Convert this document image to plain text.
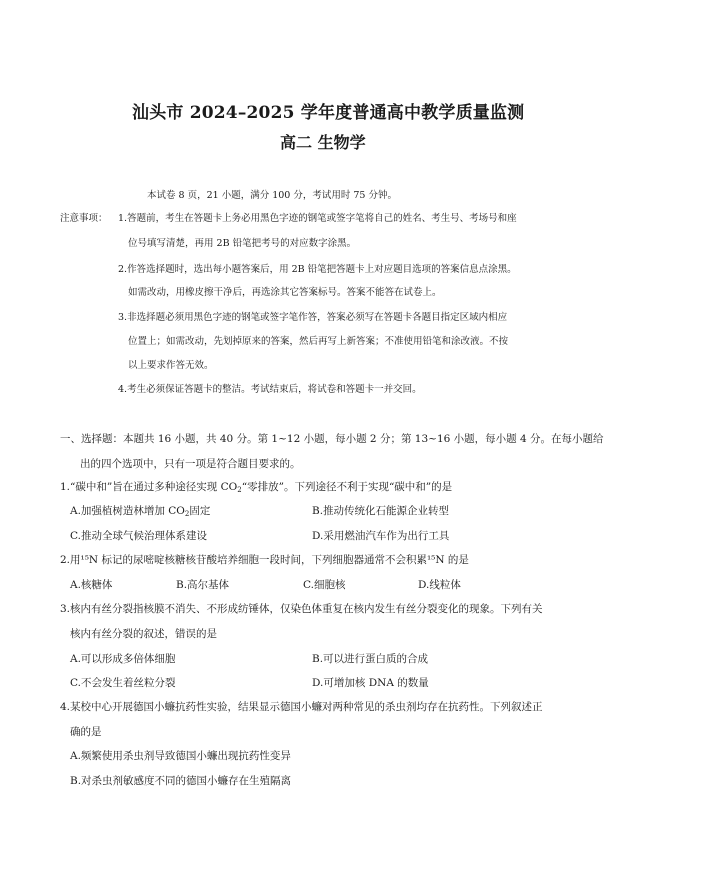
汕头市 2024–2025 学年度普通高中教学质量监测
高二 生物学
本试卷 8 页，21 小题，满分 100 分，考试用时 75 分钟。
注意事项： 1.答题前，考生在答题卡上务必用黑色字迹的钢笔或签字笔将自己的姓名、考生号、考场号和座
位号填写清楚，再用 2B 铅笔把考号的对应数字涂黑。
2.作答选择题时，选出每小题答案后，用 2B 铅笔把答题卡上对应题目选项的答案信息点涂黑。
如需改动，用橡皮擦干净后，再选涂其它答案标号。答案不能答在试卷上。
3.非选择题必须用黑色字迹的钢笔或签字笔作答，答案必须写在答题卡各题目指定区域内相应
位置上；如需改动，先划掉原来的答案，然后再写上新答案；不准使用铅笔和涂改液。不按
以上要求作答无效。
4.考生必须保证答题卡的整洁。考试结束后，将试卷和答题卡一并交回。
一、选择题：本题共 16 小题，共 40 分。第 1~12 小题，每小题 2 分；第 13~16 小题，每小题 4 分。在每小题给
出的四个选项中，只有一项是符合题目要求的。
1.“碳中和”旨在通过多种途径实现 $CO_2“$零排放”。下列途径不利于实现“碳中和”的是
A.加强植树造林增加 $CO_2$固定	B.推动传统化石能源企业转型
C.推动全球气候治理体系建设	D.采用燃油汽车作为出行工具
2.用¹⁵N 标记的尿嘧啶核糖核苷酸培养细胞一段时间，下列细胞器通常不会积累¹⁵N 的是
A.核糖体	B.高尔基体	C.细胞核	D.线粒体
3.核内有丝分裂指核膜不消失、不形成纺锤体，仅染色体重复在核内发生有丝分裂变化的现象。下列有关
核内有丝分裂的叙述，错误的是
A.可以形成多倍体细胞	B.可以进行蛋白质的合成
C.不会发生着丝粒分裂	D.可增加核 DNA 的数量
4.某校中心开展德国小蠊抗药性实验，结果显示德国小蠊对两种常见的杀虫剂均存在抗药性。下列叙述正
确的是
A.频繁使用杀虫剂导致德国小蠊出现抗药性变异
B.对杀虫剂敏感度不同的德国小蠊存在生殖隔离
